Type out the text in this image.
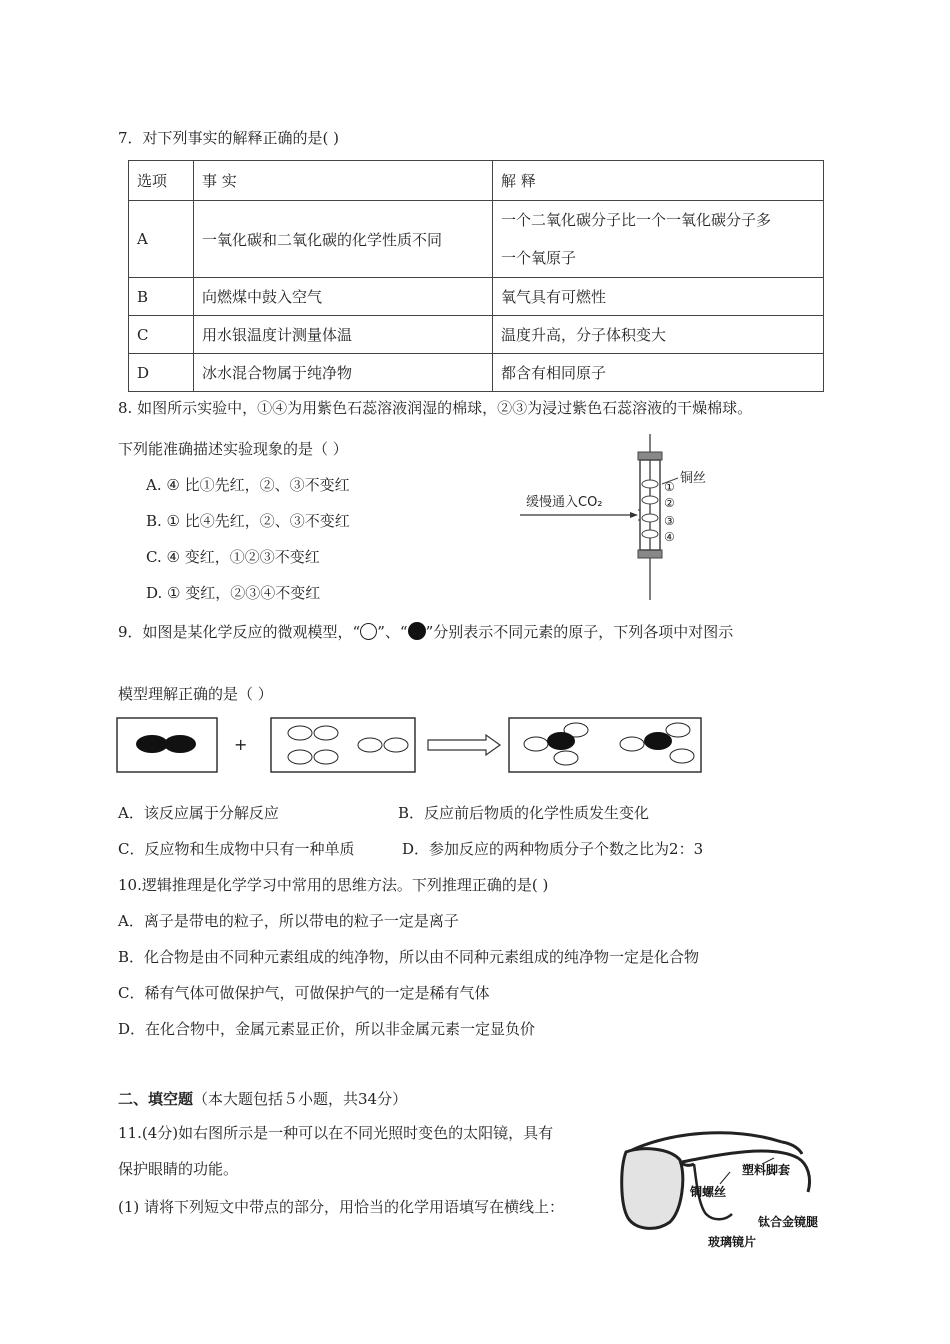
7．对下列事实的解释正确的是( )
选项	事 实	解 释
A	一氧化碳和二氧化碳的化学性质不同	一个二氧化碳分子比一个一氧化碳分子多
一个氧原子

B	向燃煤中鼓入空气	氧气具有可燃性
C	用水银温度计测量体温	温度升高，分子体积变大
D	冰水混合物属于纯净物	都含有相同原子
8. 如图所示实验中，①④为用紫色石蕊溶液润湿的棉球，②③为浸过紫色石蕊溶液的干燥棉球。
下列能准确描述实验现象的是（ ）
A. ④ 比①先红，②、③不变红
B. ① 比④先红，②、③不变红
C. ④ 变红，①②③不变红
D. ① 变红，②③④不变红
缓慢通入CO₂
铜丝
①
②
③
④
9．如图是某化学反应的微观模型，“ ”、“ ”分别表示不同元素的原子，下列各项中对图示
模型理解正确的是（ ）
+
A．该反应属于分解反应	B．反应前后物质的化学性质发生变化
C．反应物和生成物中只有一种单质	D．参加反应的两种物质分子个数之比为2：3
10.逻辑推理是化学学习中常用的思维方法。下列推理正确的是( )
A．离子是带电的粒子，所以带电的粒子一定是离子
B．化合物是由不同种元素组成的纯净物，所以由不同种元素组成的纯净物一定是化合物
C．稀有气体可做保护气，可做保护气的一定是稀有气体
D．在化合物中，金属元素显正价，所以非金属元素一定显负价
二、填空题（本大题包括５小题，共34分）
11.(4分)如右图所示是一种可以在不同光照时变色的太阳镜，具有
保护眼睛的功能。
(1) 请将下列短文中带点的部分，用恰当的化学用语填写在横线上：
塑料脚套
铜螺丝
钛合金镜腿
玻璃镜片
